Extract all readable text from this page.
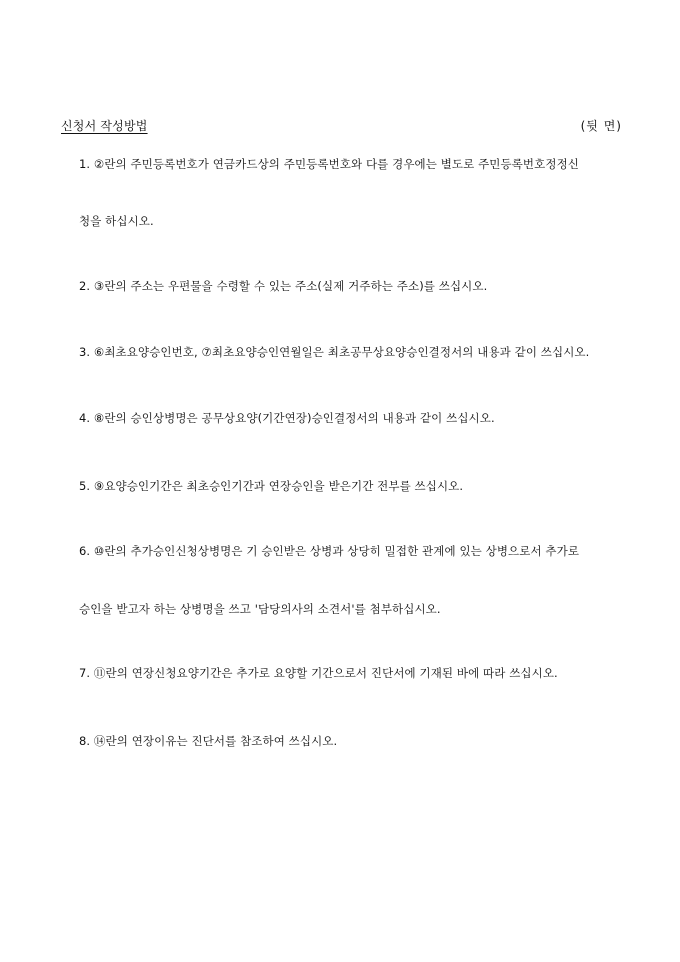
신청서 작성방법	(뒷 면)
1. ②란의 주민등록번호가 연금카드상의 주민등록번호와 다를 경우에는 별도로 주민등록번호정정신
청을 하십시오.
2. ③란의 주소는 우편물을 수령할 수 있는 주소(실제 거주하는 주소)를 쓰십시오.
3. ⑥최초요양승인번호, ⑦최초요양승인연월일은 최초공무상요양승인결정서의 내용과 같이 쓰십시오.
4. ⑧란의 승인상병명은 공무상요양(기간연장)승인결정서의 내용과 같이 쓰십시오.
5. ⑨요양승인기간은 최초승인기간과 연장승인을 받은기간 전부를 쓰십시오.
6. ⑩란의 추가승인신청상병명은 기 승인받은 상병과 상당히 밀접한 관계에 있는 상병으로서 추가로
승인을 받고자 하는 상병명을 쓰고 '담당의사의 소견서'를 첨부하십시오.
7. ⑪란의 연장신청요양기간은 추가로 요양할 기간으로서 진단서에 기재된 바에 따라 쓰십시오.
8. ⑭란의 연장이유는 진단서를 참조하여 쓰십시오.
